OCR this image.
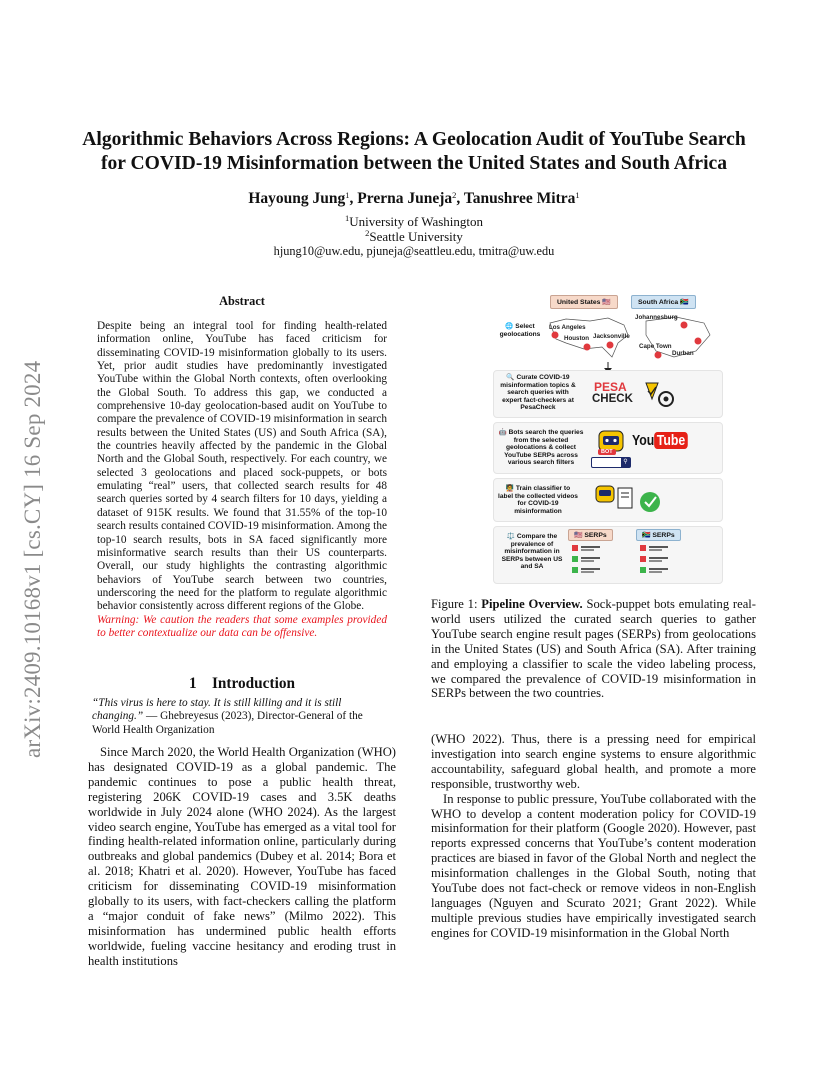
arXiv:2409.10168v1 [cs.CY] 16 Sep 2024
Algorithmic Behaviors Across Regions: A Geolocation Audit of YouTube Search
for COVID-19 Misinformation between the United States and South Africa
Hayoung Jung$^1$, Prerna Juneja$^2$, Tanushree Mitra$^1$
$^1$University of Washington
$^2$Seattle University
hjung10@uw.edu, pjuneja@seattleu.edu, tmitra@uw.edu
Abstract

Despite being an integral tool for finding health-related information online, YouTube has faced criticism for disseminating COVID-19 misinformation globally to its users. Yet, prior audit studies have predominantly investigated YouTube within the Global North contexts, often overlooking the Global South. To address this gap, we conducted a comprehensive 10-day geolocation-based audit on YouTube to compare the prevalence of COVID-19 misinformation in search results between the United States (US) and South Africa (SA), the countries heavily affected by the pandemic in the Global North and the Global South, respectively. For each country, we selected 3 geolocations and placed sock-puppets, or bots emulating “real” users, that collected search results for 48 search queries sorted by 4 search filters for 10 days, yielding a dataset of 915K results. We found that 31.55% of the top-10 search results contained COVID-19 misinformation. Among the top-10 search results, bots in SA faced significantly more misinformative search results than their US counterparts. Overall, our study highlights the contrasting algorithmic behaviors of YouTube search between two countries, underscoring the need for the platform to regulate algorithmic behavior consistently across different regions of the Globe.

Warning: We caution the readers that some examples provided to better contextualize our data can be offensive.

1 Introduction

“This virus is here to stay. It is still killing and it is still changing.” — Ghebreyesus (2023), Director-General of the World Health Organization

Since March 2020, the World Health Organization (WHO) has designated COVID-19 as a global pandemic. The pandemic continues to pose a public health threat, registering 206K COVID-19 cases and 3.5K deaths worldwide in July 2024 alone (WHO 2024). As the largest video search engine, YouTube has emerged as a vital tool for finding health-related information online, particularly during outbreaks and global pandemics (Dubey et al. 2014; Bora et al. 2018; Khatri et al. 2020). However, YouTube has faced criticism for disseminating COVID-19 misinformation globally to its users, with fact-checkers calling the platform a “major conduit of fake news” (Milmo 2022). This misinformation has undermined public health efforts worldwide, fueling vaccine hesitancy and eroding trust in health institutions

United States 🇺🇸	South Africa 🇿🇦
Los Angeles
Houston Jacksonville
Johannesburg
Cape Town
Durban
🌐 Select geolocations
🔍 Curate COVID-19 misinformation topics & search queries with expert fact-checkers at PesaCheck
PESA
CHECK
🤖 Bots search the queries from the selected geolocations & collect YouTube SERPs across various search filters
BOT
⚲
You Tube
🧑‍🏫 Train classifier to label the collected videos for COVID-19 misinformation
⚖️ Compare the prevalence of misinformation in SERPs between US and SA
🇺🇸 SERPs	🇿🇦 SERPs

Figure 1: Pipeline Overview. Sock-puppet bots emulating real-world users utilized the curated search queries to gather YouTube search engine result pages (SERPs) from geolocations in the United States (US) and South Africa (SA). After training and employing a classifier to scale the video labeling process, we compared the prevalence of COVID-19 misinformation in SERPs between the two countries.

(WHO 2022). Thus, there is a pressing need for empirical investigation into search engine systems to ensure algorithmic accountability, safeguard global health, and promote a more responsible, trustworthy web.

In response to public pressure, YouTube collaborated with the WHO to develop a content moderation policy for COVID-19 misinformation for their platform (Google 2020). However, past reports expressed concerns that YouTube’s content moderation practices are biased in favor of the Global North and neglect the misinformation challenges in the Global South, noting that YouTube does not fact-check or remove videos in non-English languages (Nguyen and Scurato 2021; Grant 2022). While multiple previous studies have empirically investigated search engines for COVID-19 misinformation in the Global North
